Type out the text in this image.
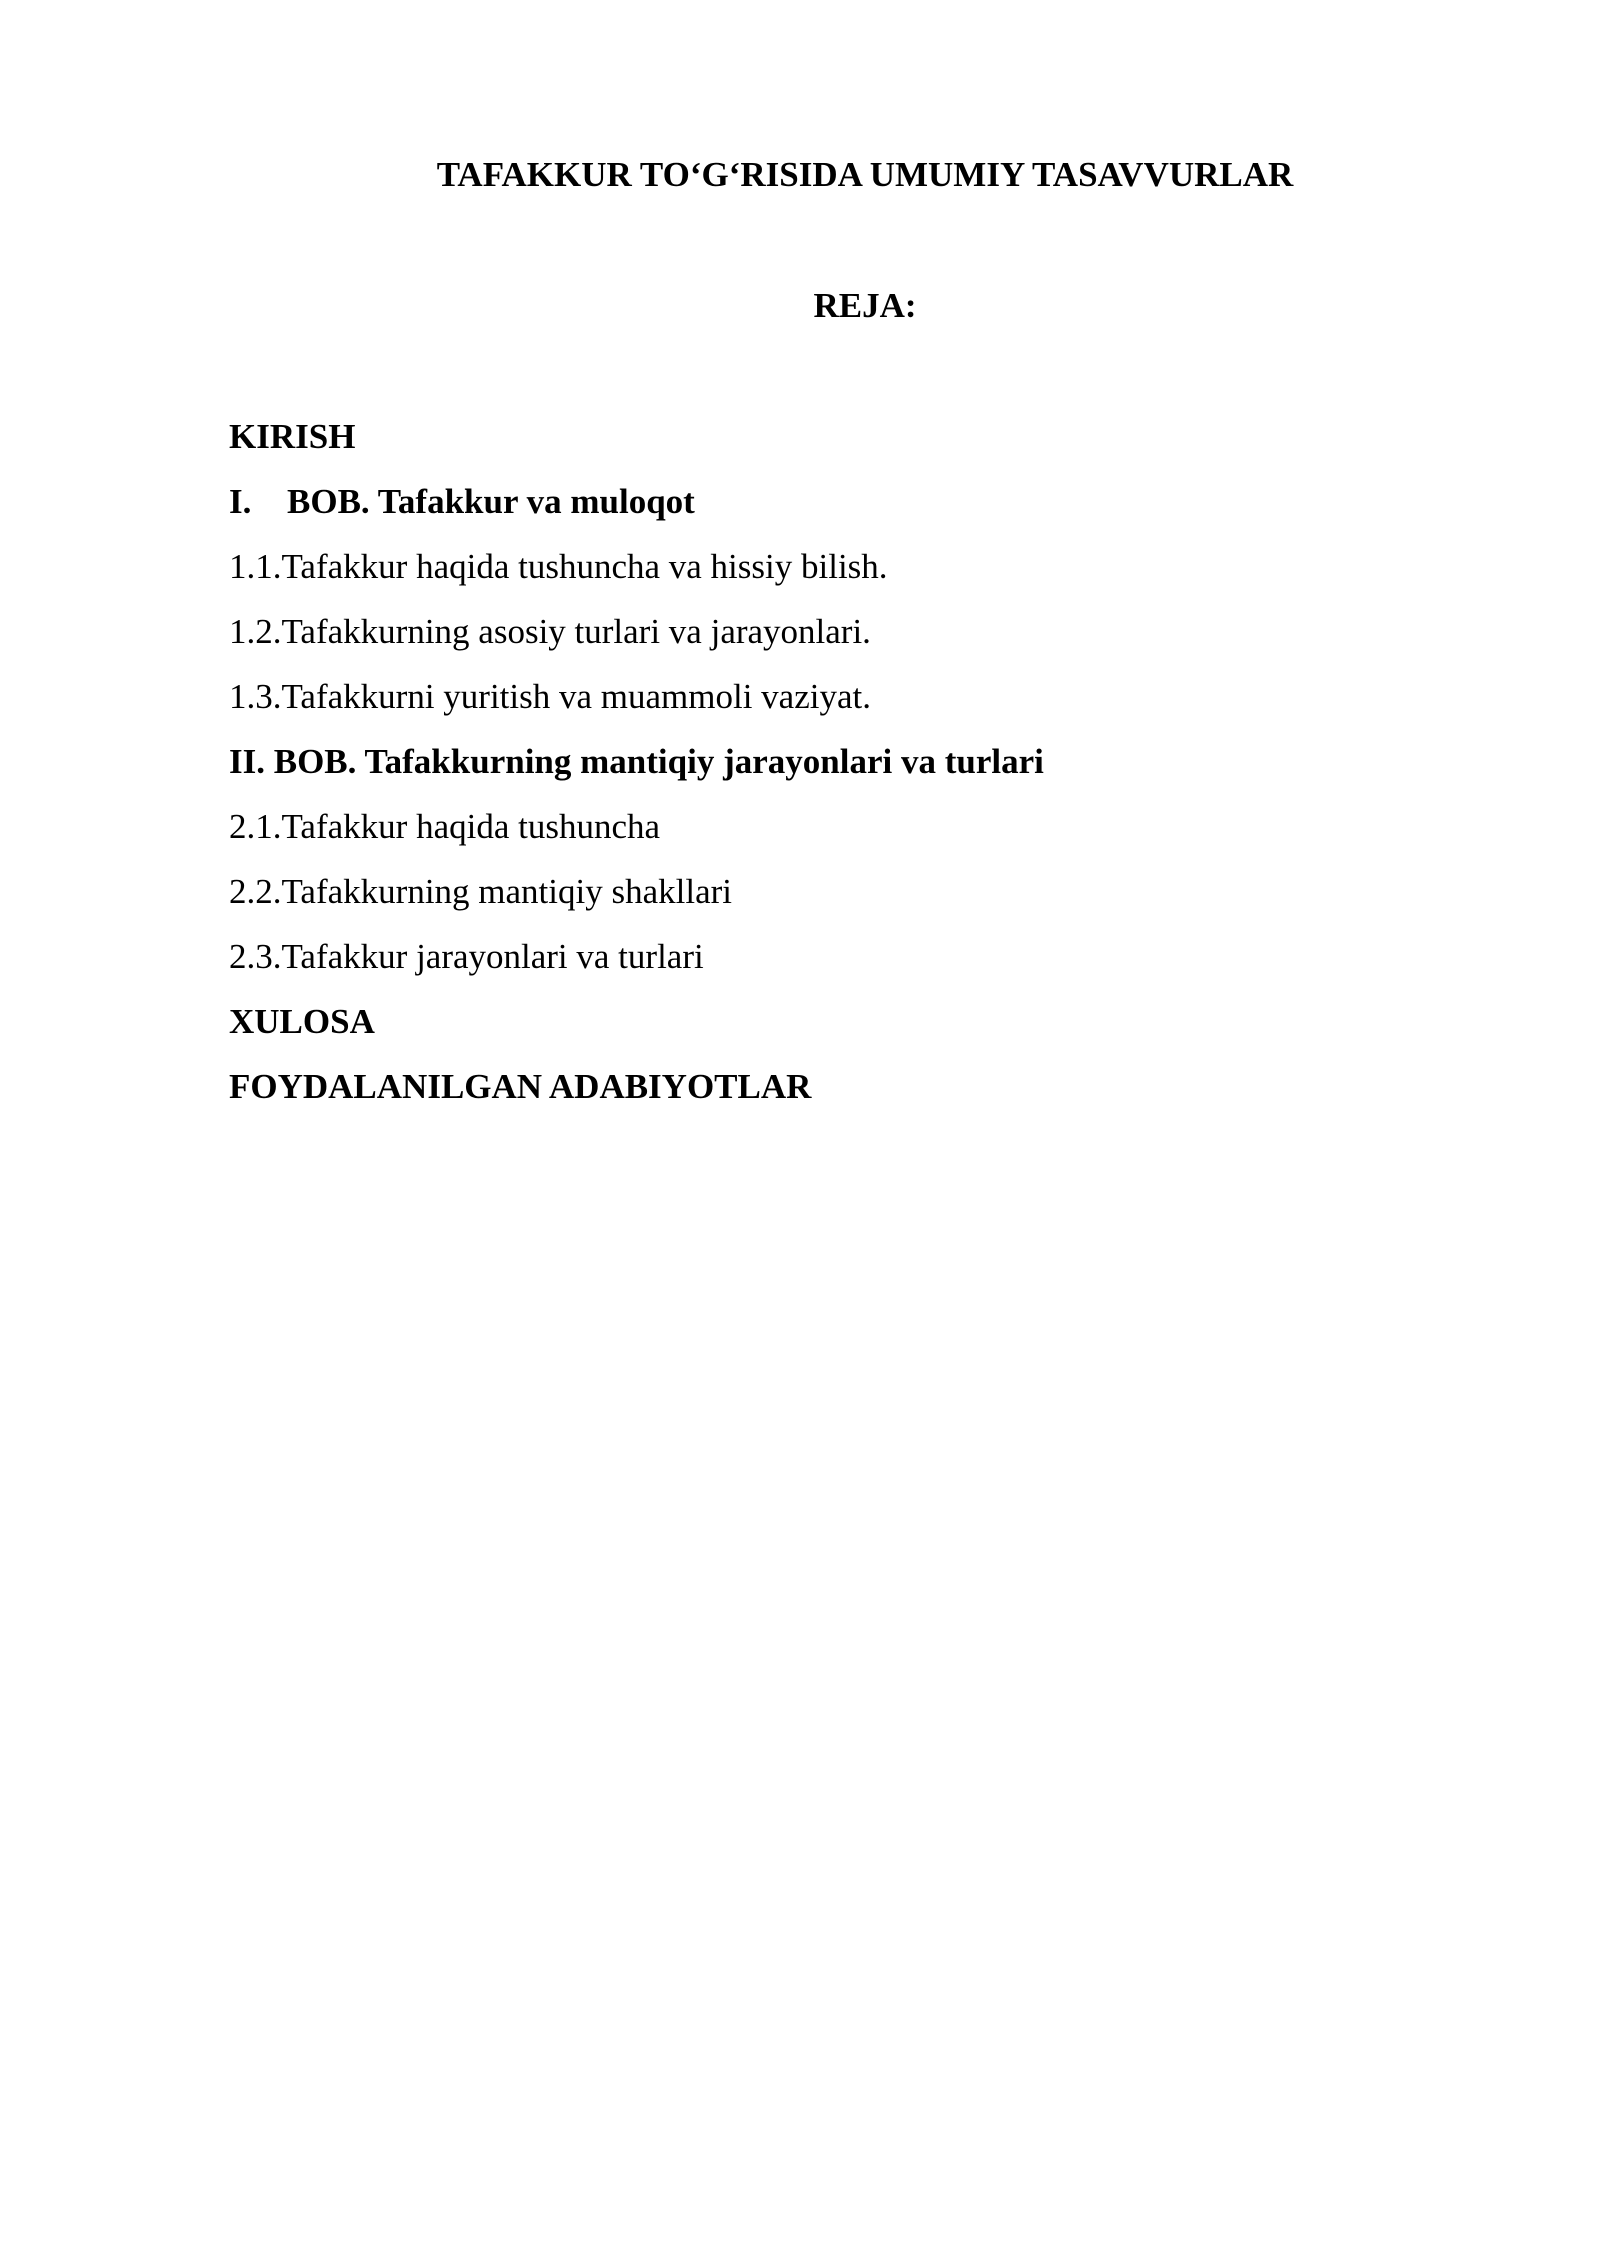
TAFAKKUR TO‘G‘RISIDA UMUMIY TASAVVURLAR
REJA:
KIRISH
I. BOB. Tafakkur va muloqot
1.1.Tafakkur haqida tushuncha va hissiy bilish.
1.2.Tafakkurning asosiy turlari va jarayonlari.
1.3.Tafakkurni yuritish va muammoli vaziyat.
II. BOB. Tafakkurning mantiqiy jarayonlari va turlari
2.1.Tafakkur haqida tushuncha
2.2.Tafakkurning mantiqiy shakllari
2.3.Tafakkur jarayonlari va turlari
XULOSA
FOYDALANILGAN ADABIYOTLAR
